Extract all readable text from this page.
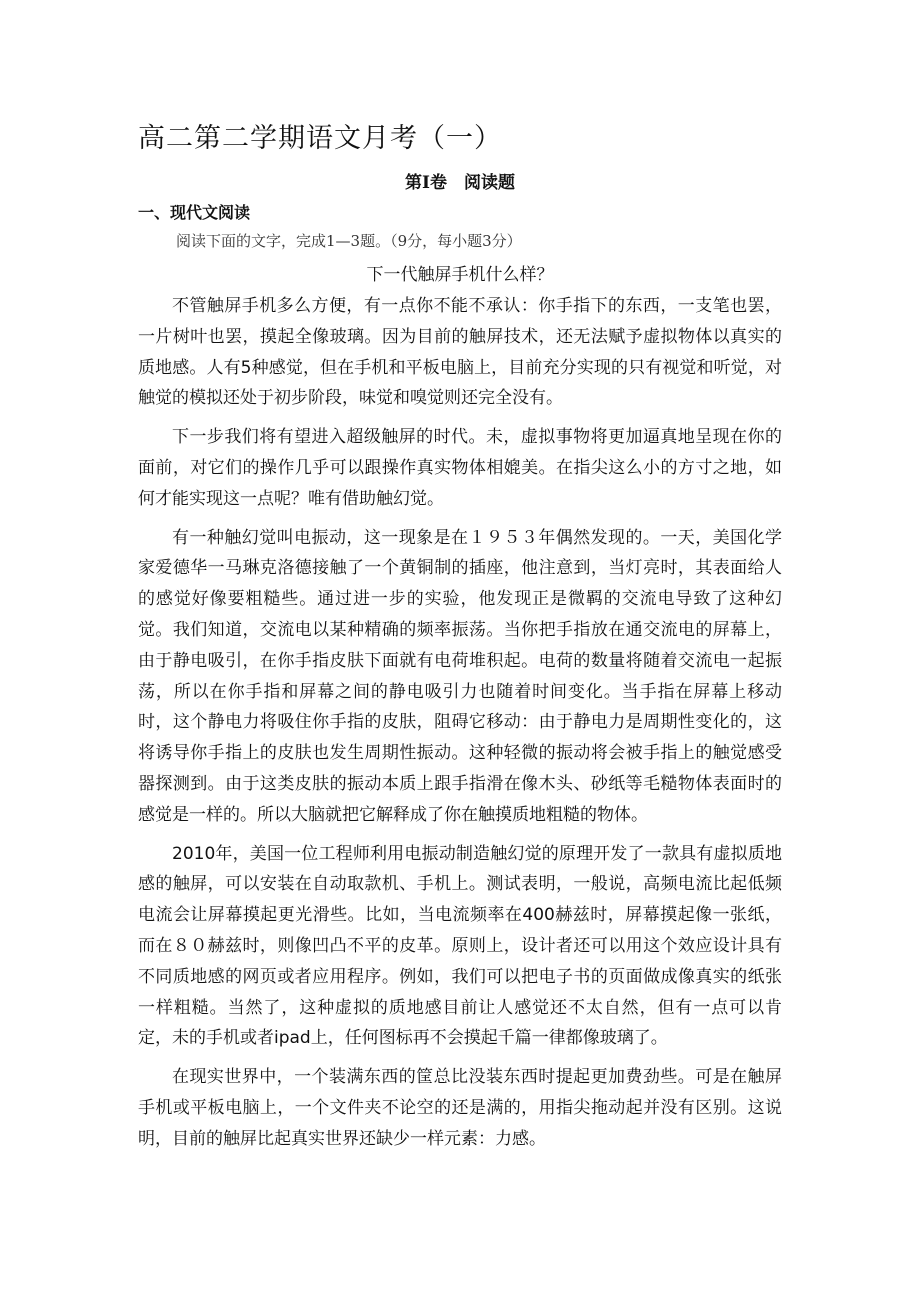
高二第二学期语文月考（一）
第Ⅰ卷　阅读题
一、现代文阅读
阅读下面的文字，完成1—3题。（9分，每小题3分）
下一代触屏手机什么样？

不管触屏手机多么方便，有一点你不能不承认：你手指下的东西，一支笔也罢，一片树叶也罢，摸起全像玻璃。因为目前的触屏技术，还无法赋予虚拟物体以真实的质地感。人有5种感觉，但在手机和平板电脑上，目前充分实现的只有视觉和听觉，对触觉的模拟还处于初步阶段，味觉和嗅觉则还完全没有。

下一步我们将有望进入超级触屏的时代。未，虚拟事物将更加逼真地呈现在你的面前，对它们的操作几乎可以跟操作真实物体相媲美。在指尖这么小的方寸之地，如何才能实现这一点呢？唯有借助触幻觉。

有一种触幻觉叫电振动，这一现象是在１９５３年偶然发现的。一天，美国化学家爱德华一马琳克洛德接触了一个黄铜制的插座，他注意到，当灯亮时，其表面给人的感觉好像要粗糙些。通过进一步的实验，他发现正是微羁的交流电导致了这种幻觉。我们知道，交流电以某种精确的频率振荡。当你把手指放在通交流电的屏幕上，由于静电吸引，在你手指皮肤下面就有电荷堆积起。电荷的数量将随着交流电一起振荡，所以在你手指和屏幕之间的静电吸引力也随着时间变化。当手指在屏幕上移动时，这个静电力将吸住你手指的皮肤，阻碍它移动：由于静电力是周期性变化的，这将诱导你手指上的皮肤也发生周期性振动。这种轻微的振动将会被手指上的触觉感受器探测到。由于这类皮肤的振动本质上跟手指滑在像木头、砂纸等毛糙物体表面时的感觉是一样的。所以大脑就把它解释成了你在触摸质地粗糙的物体。

2010年，美国一位工程师利用电振动制造触幻觉的原理开发了一款具有虚拟质地感的触屏，可以安装在自动取款机、手机上。测试表明，一般说，高频电流比起低频电流会让屏幕摸起更光滑些。比如，当电流频率在400赫兹时，屏幕摸起像一张纸，而在８０赫兹时，则像凹凸不平的皮革。原则上，设计者还可以用这个效应设计具有不同质地感的网页或者应用程序。例如，我们可以把电子书的页面做成像真实的纸张一样粗糙。当然了，这种虚拟的质地感目前让人感觉还不太自然，但有一点可以肯定，未的手机或者ipad上，任何图标再不会摸起千篇一律都像玻璃了。

在现实世界中，一个装满东西的筐总比没装东西时提起更加费劲些。可是在触屏手机或平板电脑上，一个文件夹不论空的还是满的，用指尖拖动起并没有区别。这说明，目前的触屏比起真实世界还缺少一样元素：力感。
